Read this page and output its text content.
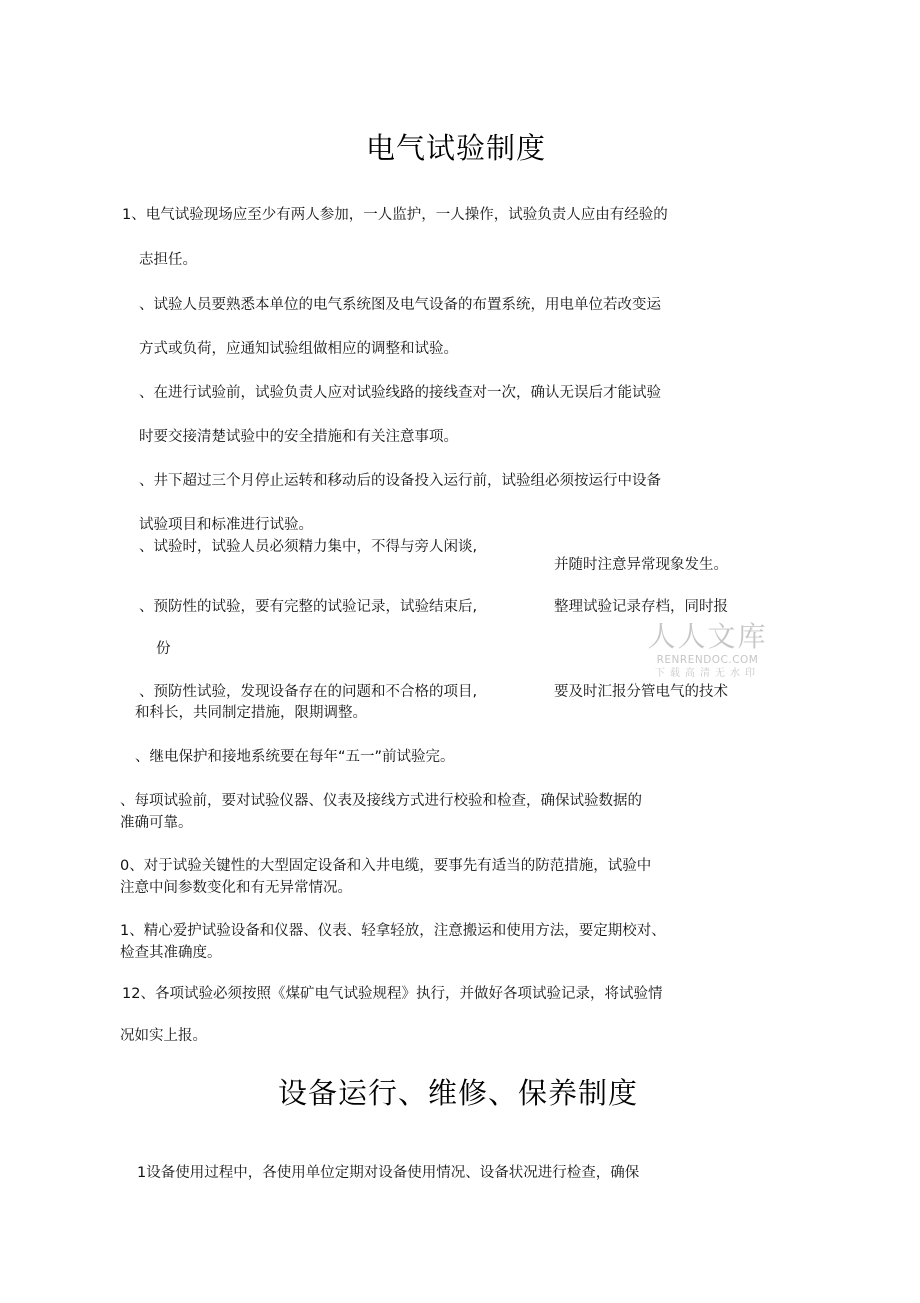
电气试验制度
1、电气试验现场应至少有两人参加，一人监护，一人操作，试验负责人应由有经验的
志担任。
、试验人员要熟悉本单位的电气系统图及电气设备的布置系统，用电单位若改变运
方式或负荷，应通知试验组做相应的调整和试验。
、在进行试验前，试验负责人应对试验线路的接线查对一次，确认无误后才能试验
时要交接清楚试验中的安全措施和有关注意事项。
、井下超过三个月停止运转和移动后的设备投入运行前，试验组必须按运行中设备
试验项目和标准进行试验。
、试验时，试验人员必须精力集中，不得与旁人闲谈,
并随时注意异常现象发生。
、预防性的试验，要有完整的试验记录，试验结束后,	整理试验记录存档，同时报
份
、预防性试验，发现设备存在的问题和不合格的项目,	要及时汇报分管电气的技术
和科长，共同制定措施，限期调整。
、继电保护和接地系统要在每年“五一”前试验完。
、每项试验前，要对试验仪器、仪表及接线方式进行校验和检查，确保试验数据的
准确可靠。
0、对于试验关键性的大型固定设备和入井电缆，要事先有适当的防范措施，试验中
注意中间参数变化和有无异常情况。
1、精心爱护试验设备和仪器、仪表、轻拿轻放，注意搬运和使用方法，要定期校对、
检查其准确度。
12、各项试验必须按照《煤矿电气试验规程》执行，并做好各项试验记录，将试验情
况如实上报。
设备运行、维修、保养制度
1设备使用过程中，各使用单位定期对设备使用情况、设备状况进行检查，确保
人人文库
RENRENDOC.COM
下载高清无水印
